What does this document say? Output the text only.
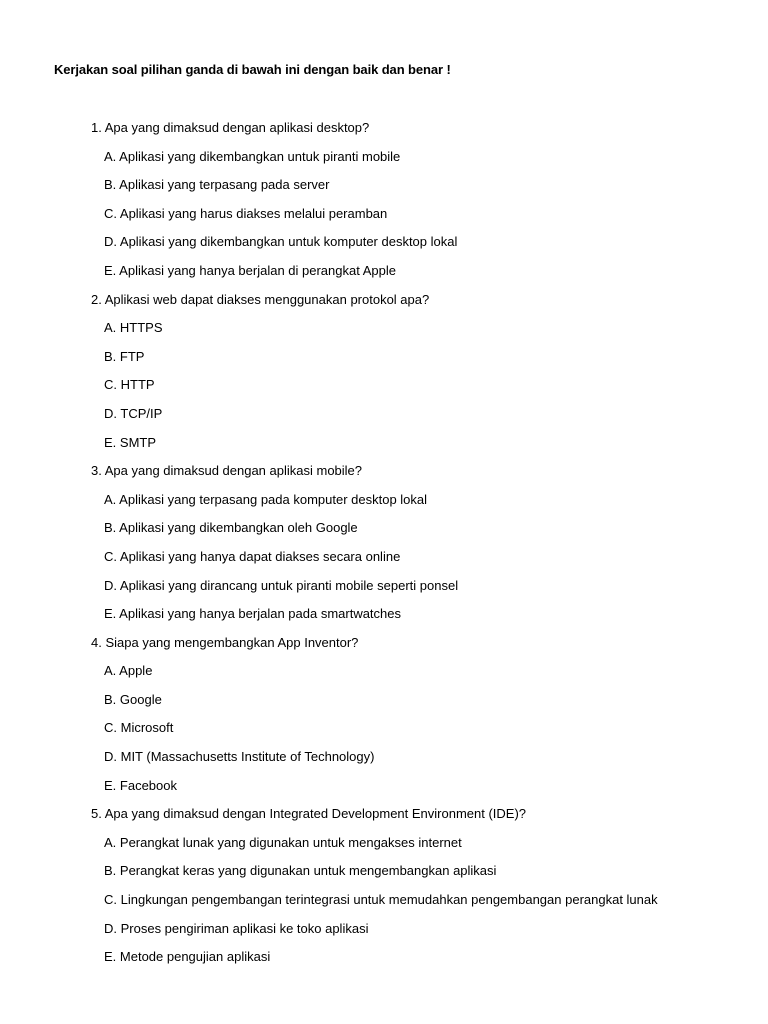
Kerjakan soal pilihan ganda di bawah ini dengan baik dan benar !
1. Apa yang dimaksud dengan aplikasi desktop?
A. Aplikasi yang dikembangkan untuk piranti mobile
B. Aplikasi yang terpasang pada server
C. Aplikasi yang harus diakses melalui peramban
D. Aplikasi yang dikembangkan untuk komputer desktop lokal
E. Aplikasi yang hanya berjalan di perangkat Apple
2. Aplikasi web dapat diakses menggunakan protokol apa?
A. HTTPS
B. FTP
C. HTTP
D. TCP/IP
E. SMTP
3. Apa yang dimaksud dengan aplikasi mobile?
A. Aplikasi yang terpasang pada komputer desktop lokal
B. Aplikasi yang dikembangkan oleh Google
C. Aplikasi yang hanya dapat diakses secara online
D. Aplikasi yang dirancang untuk piranti mobile seperti ponsel
E. Aplikasi yang hanya berjalan pada smartwatches
4. Siapa yang mengembangkan App Inventor?
A. Apple
B. Google
C. Microsoft
D. MIT (Massachusetts Institute of Technology)
E. Facebook
5. Apa yang dimaksud dengan Integrated Development Environment (IDE)?
A. Perangkat lunak yang digunakan untuk mengakses internet
B. Perangkat keras yang digunakan untuk mengembangkan aplikasi
C. Lingkungan pengembangan terintegrasi untuk memudahkan pengembangan perangkat lunak
D. Proses pengiriman aplikasi ke toko aplikasi
E. Metode pengujian aplikasi
